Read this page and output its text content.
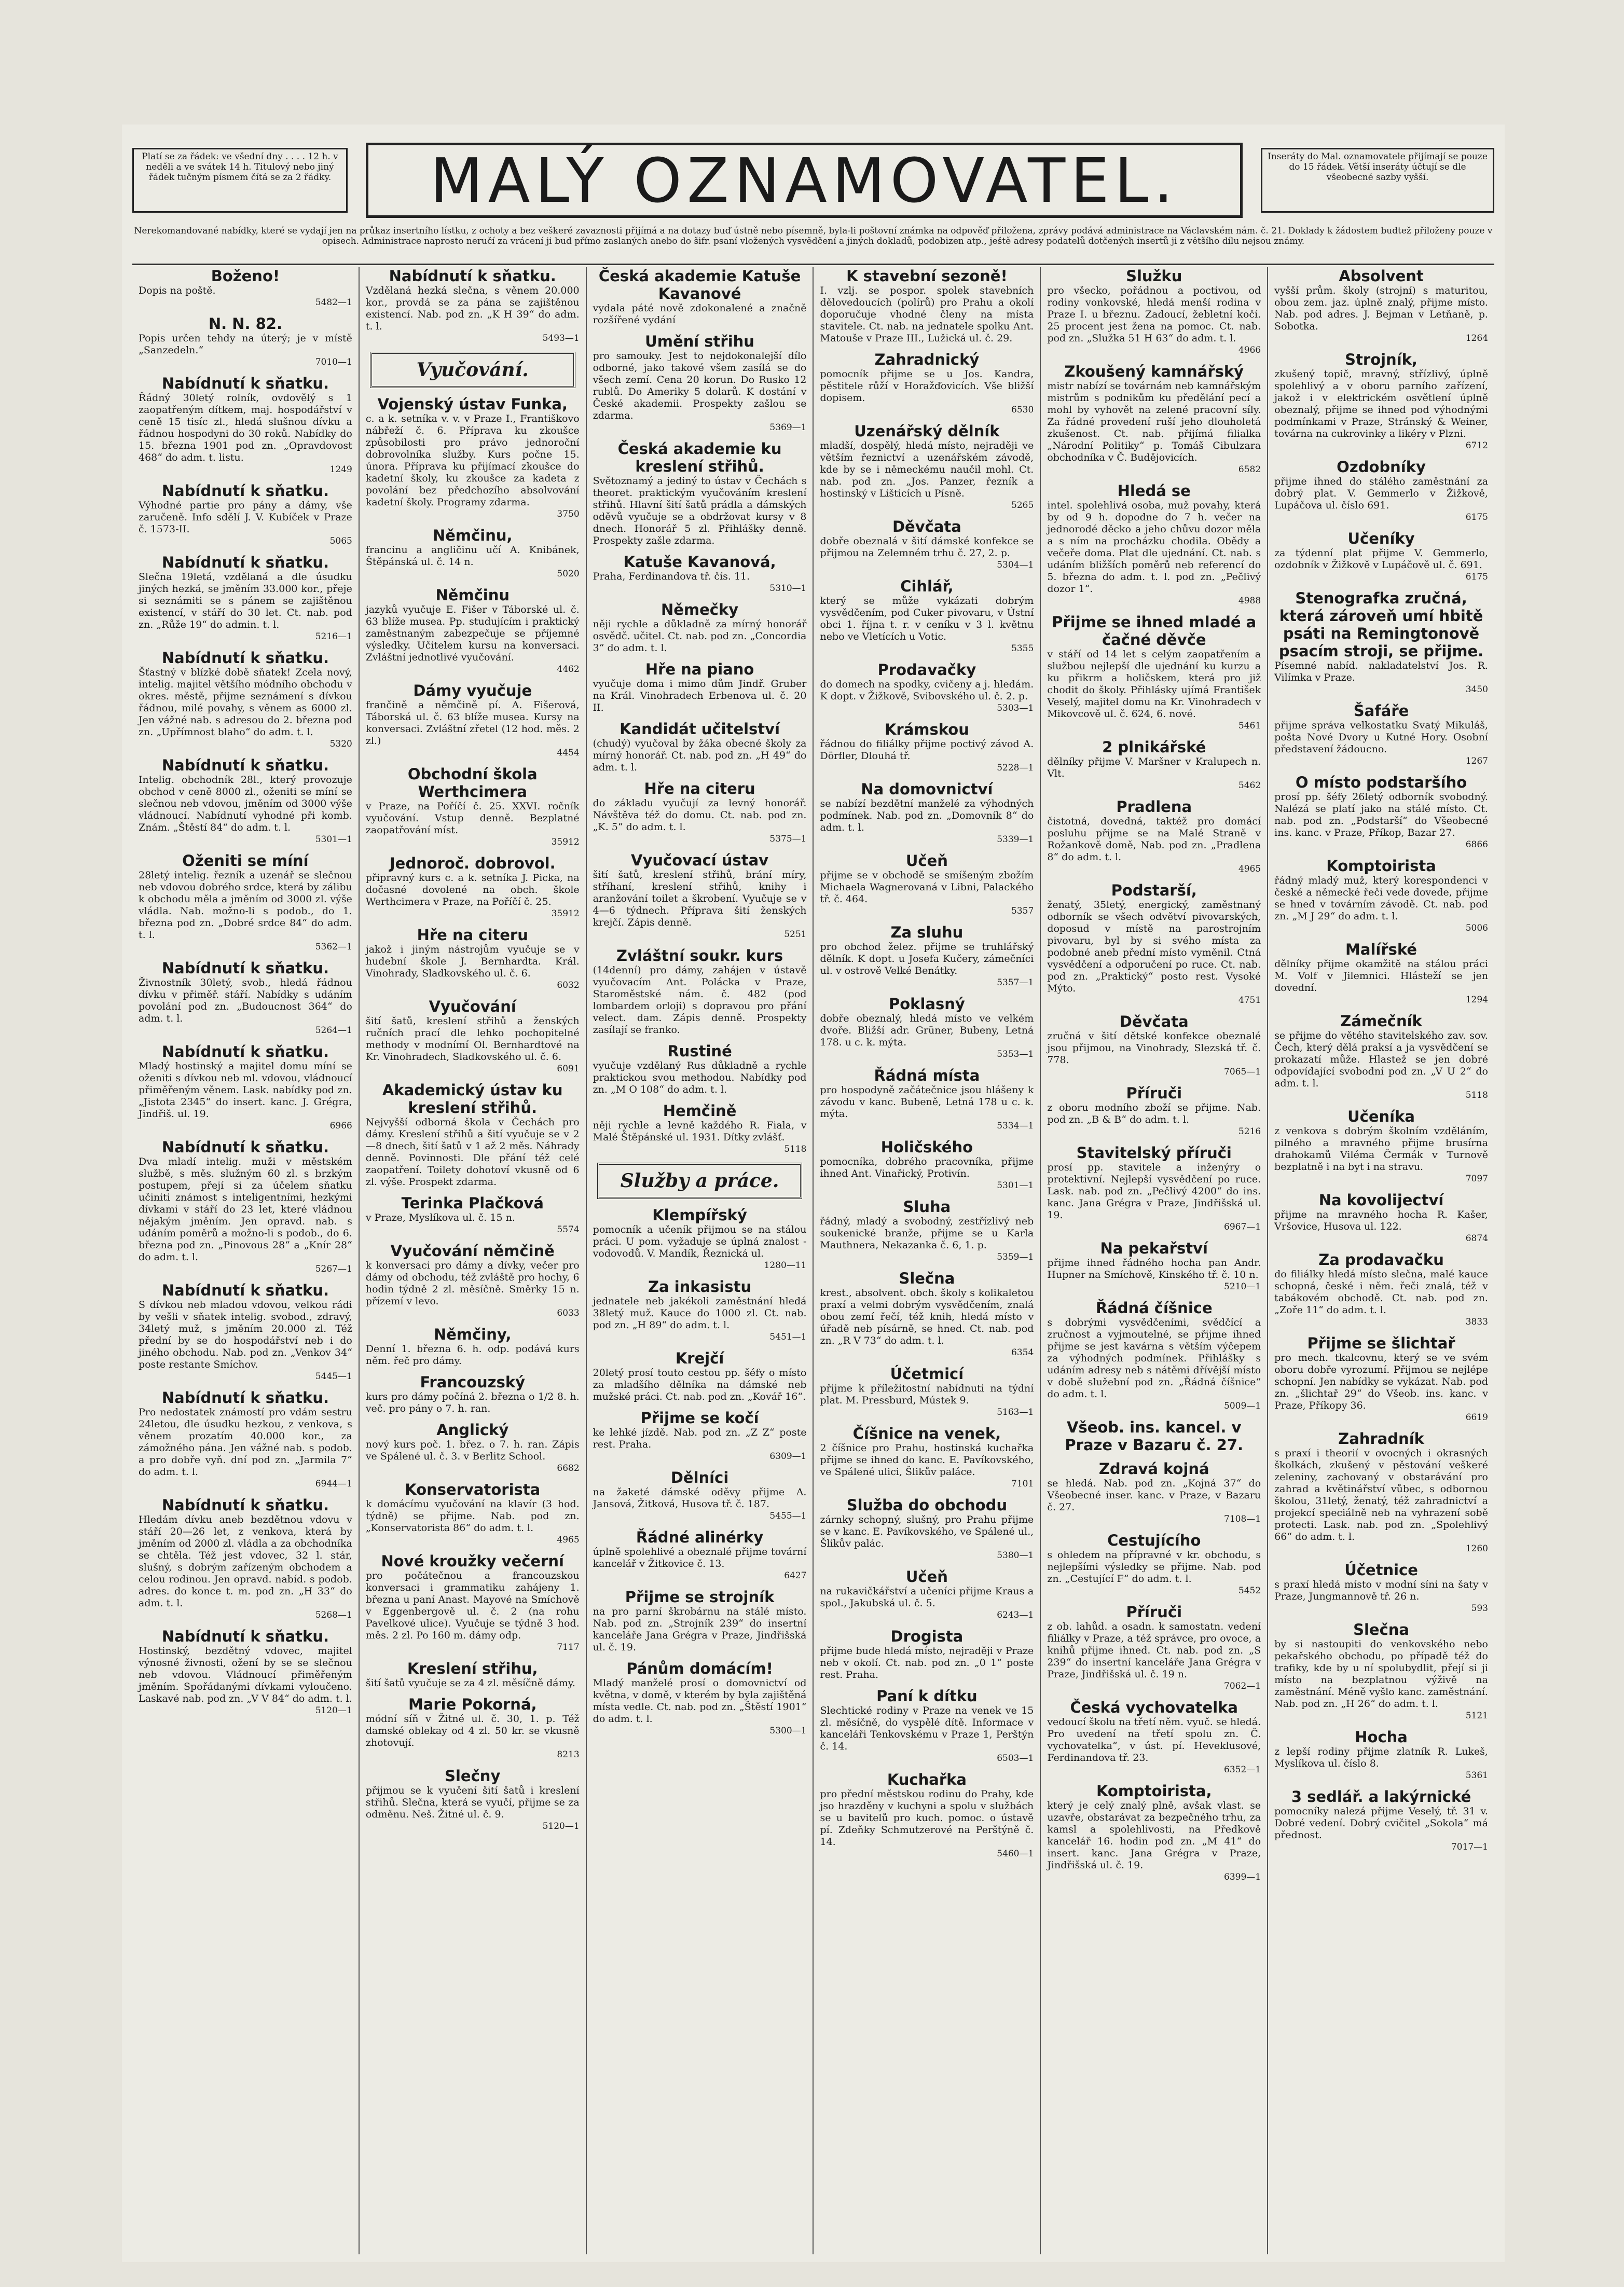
Platí se za řádek: ve všední dny . . . . 12 h. v neděli a ve svátek 14 h. Titulový nebo jiný řádek tučným písmem čítá se za 2 řádky. MALÝ OZNAMOVATEL.	Inseráty do Mal. oznamovatele přijímají se pouze do 15 řádek. Větší inseráty účtují se dle všeobecné sazby vyšší.
Nerekomandované nabídky, které se vydají jen na průkaz insertního lístku, z ochoty a bez veškeré zavaznosti přijímá a na dotazy buď ústně nebo písemně, byla-li poštovní známka na odpověď přiložena, zprávy podává administrace na Václavském nám. č. 21. Doklady k žádostem budtež přiloženy pouze v opisech. Administrace naprosto neručí za vrácení ji bud přímo zaslaných anebo do šifr. psaní vložených vysvědčení a jiných dokladů, podobizen atp., ještě adresy podatelů dotčených insertů ji z většího dílu nejsou známy.
Boženo!

Dopis na poště.

5482—1

N. N. 82.

Popis určen tehdy na úterý; je v místě „Sanzedeln.“

7010—1

Nabídnutí k sňatku.

Řádný 30letý rolník, ovdovělý s 1 zaopatřeným dítkem, maj. hospodářství v ceně 15 tisíc zl., hledá slušnou dívku a řádnou hospodyni do 30 roků. Nabídky do 15. března 1901 pod zn. „Opravdovost 468“ do adm. t. listu.

1249

Nabídnutí k sňatku.

Výhodné partie pro pány a dámy, vše zaručeně. Info sdělí J. V. Kubíček v Praze č. 1573-II.

5065

Nabídnutí k sňatku.

Slečna 19letá, vzdělaná a dle úsudku jiných hezká, se jměním 33.000 kor., přeje si seznámiti se s pánem se zajištěnou existencí, v stáří do 30 let. Ct. nab. pod zn. „Růže 19“ do admin. t. l.

5216—1

Nabídnutí k sňatku.

Šťastný v blízké době sňatek! Zcela nový, intelig. majitel většího módního obchodu v okres. městě, přijme seznámení s dívkou řádnou, milé povahy, s věnem as 6000 zl. Jen vážné nab. s adresou do 2. března pod zn. „Upřímnost blaho“ do adm. t. l.

5320

Nabídnutí k sňatku.

Intelig. obchodník 28l., který provozuje obchod v ceně 8000 zl., oženiti se míní se slečnou neb vdovou, jměním od 3000 výše vládnoucí. Nabídnutí vyhodné při komb. Znám. „Štěstí 84“ do adm. t. l.

5301—1

Oženiti se míní

28letý intelig. řezník a uzenář se slečnou neb vdovou dobrého srdce, která by zálibu k obchodu měla a jměním od 3000 zl. výše vládla. Nab. možno-li s podob., do 1. března pod zn. „Dobré srdce 84“ do adm. t. l.

5362—1

Nabídnutí k sňatku.

Živnostník 30letý, svob., hledá řádnou dívku v přiměř. stáří. Nabídky s udáním povolání pod zn. „Budoucnost 364“ do adm. t. l.

5264—1

Nabídnutí k sňatku.

Mladý hostinský a majitel domu míní se oženiti s dívkou neb ml. vdovou, vládnoucí přiměřeným věnem. Lask. nabídky pod zn. „Jistota 2345“ do insert. kanc. J. Grégra, Jindřiš. ul. 19.

6966

Nabídnutí k sňatku.

Dva mladí intelig. muži v městském službě, s měs. služným 60 zl. s brzkým postupem, přejí si za účelem sňatku učiniti známost s inteligentními, hezkými dívkami v stáří do 23 let, které vládnou nějakým jměním. Jen opravd. nab. s udáním poměrů a možno-li s podob., do 6. března pod zn. „Pinovous 28“ a „Knír 28“ do adm. t. l.

5267—1

Nabídnutí k sňatku.

S dívkou neb mladou vdovou, velkou rádi by vešli v sňatek intelig. svobod., zdravý, 34letý muž, s jměním 20.000 zl. Též přední by se do hospodářství neb i do jiného obchodu. Nab. pod zn. „Venkov 34“ poste restante Smíchov.

5445—1

Nabídnutí k sňatku.

Pro nedostatek známostí pro vdám sestru 24letou, dle úsudku hezkou, z venkova, s věnem prozatím 40.000 kor., za zámožného pána. Jen vážné nab. s podob. a pro dobře vyň. dní pod zn. „Jarmila 7“ do adm. t. l.

6944—1

Nabídnutí k sňatku.

Hledám dívku aneb bezdětnou vdovu v stáří 20—26 let, z venkova, která by jměním od 2000 zl. vládla a za obchodníka se chtěla. Též jest vdovec, 32 l. stár, slušný, s dobrým zařízeným obchodem a celou rodinou. Jen opravd. nabíd. s podob. adres. do konce t. m. pod zn. „H 33“ do adm. t. l.

5268—1

Nabídnutí k sňatku.

Hostinský, bezdětný vdovec, majitel výnosné živnosti, ožení by se se slečnou neb vdovou. Vládnoucí přiměřeným jměním. Spořádanými dívkami vyloučeno. Laskavé nab. pod zn. „V V 84“ do adm. t. l.

5120—1

Nabídnutí k sňatku.

Vzdělaná hezká slečna, s věnem 20.000 kor., provdá se za pána se zajištěnou existencí. Nab. pod zn. „K H 39“ do adm. t. l.

5493—1

Vyučování.
Vojenský ústav Funka,

c. a k. setníka v. v. v Praze I., Františkovo nábřeží č. 6. Příprava ku zkoušce způsobilosti pro právo jednoroční dobrovolníka služby. Kurs počne 15. února. Příprava ku přijímací zkoušce do kadetní školy, ku zkoušce za kadeta z povolání bez předchozího absolvování kadetní školy. Programy zdarma.

3750

Němčinu,

francinu a angličinu učí A. Knibánek, Štěpánská ul. č. 14 n.

5020

Němčinu

jazyků vyučuje E. Fišer v Táborské ul. č. 63 blíže musea. Pp. studujícím i praktický zaměstnaným zabezpečuje se příjemné výsledky. Učitelem kursu na konversaci. Zvláštní jednotlivé vyučování.

4462

Dámy vyučuje

frančině a němčině pí. A. Fišerová, Táborská ul. č. 63 blíže musea. Kursy na konversaci. Zvláštní zřetel (12 hod. měs. 2 zl.)

4454

Obchodní škola Werthcimera

v Praze, na Poříčí č. 25. XXVI. ročník vyučování. Vstup denně. Bezplatné zaopatřování míst.

35912

Jednoroč. dobrovol.

připravný kurs c. a k. setníka J. Picka, na dočasné dovolené na obch. škole Werthcimera v Praze, na Poříčí č. 25.

35912

Hře na citeru

jakož i jiným nástrojům vyučuje se v hudební škole J. Bernhardta. Král. Vinohrady, Sladkovského ul. č. 6.

6032

Vyučování

šití šatů, kreslení střihů a ženských ručních prací dle lehko pochopitelné methody v modnímí Ol. Bernhardtové na Kr. Vinohradech, Sladkovského ul. č. 6.

6091

Akademický ústav ku kreslení střihů.

Nejvyšší odborná škola v Čechách pro dámy. Kreslení střihů a šití vyučuje se v 2—8 dnech, šití šatů v 1 až 2 měs. Náhrady denně. Povinnosti. Dle přání též celé zaopatření. Toilety dohotoví vkusně od 6 zl. výše. Prospekt zdarma.

Terinka Plačková

v Praze, Myslíkova ul. č. 15 n.

5574

Vyučování němčině

k konversaci pro dámy a dívky, večer pro dámy od obchodu, též zvláště pro hochy, 6 hodin týdně 2 zl. měsíčně. Směrky 15 n. přízemí v levo.

6033

Němčiny,

Denní 1. března 6. h. odp. podává kurs něm. řeč pro dámy.

Francouzský

kurs pro dámy počíná 2. března o 1/2 8. h. več. pro pány o 7. h. ran.

Anglický

nový kurs poč. 1. břez. o 7. h. ran. Zápis ve Spálené ul. č. 3. v Berlitz School.

6682

Konservatorista

k domácímu vyučování na klavír (3 hod. týdně) se přijme. Nab. pod zn. „Konservatorista 86“ do adm. t. l.

4965

Nové kroužky večerní

pro počátečnou a francouzskou konversaci i grammatiku zahájeny 1. března u paní Anast. Mayové na Smíchově v Eggenbergově ul. č. 2 (na rohu Pavelkové ulice). Vyučuje se týdně 3 hod. měs. 2 zl. Po 160 m. dámy odp.

7117

Kreslení střihu,

šití šatů vyučuje se za 4 zl. měsíčně dámy.

Marie Pokorná,

módní síň v Žitné ul. č. 30, 1. p. Též damské oblekay od 4 zl. 50 kr. se vkusně zhotovují.

8213

Slečny

přijmou se k vyučení šití šatů i kreslení střihů. Slečna, která se vyučí, přijme se za odměnu. Neš. Žitné ul. č. 9.

5120—1

Česká akademie Katuše Kavanové

vydala páté nově zdokonalené a značně rozšířené vydání

Umění střihu

pro samouky. Jest to nejdokonalejší dílo odborné, jako takové všem zasílá se do všech zemí. Cena 20 korun. Do Rusko 12 rublů. Do Ameriky 5 dolarů. K dostání v České akademii. Prospekty zašlou se zdarma.

5369—1

Česká akademie ku kreslení střihů.

Světoznamý a jediný to ústav v Čechách s theoret. praktickým vyučováním kreslení střihů. Hlavní šití šatů prádla a dámských oděvů vyučuje se a obdržovat kursy v 8 dnech. Honorář 5 zl. Přihlášky denně. Prospekty zašle zdarma.

Katuše Kavanová,

Praha, Ferdinandova tř. čís. 11.

5310—1

Němečky

něji rychle a důkladně za mírný honorář osvědč. učitel. Ct. nab. pod zn. „Concordia 3“ do adm. t. l.

Hře na piano

vyučuje doma i mimo dům Jindř. Gruber na Král. Vinohradech Erbenova ul. č. 20 II.

Kandidát učitelství

(chudý) vyučoval by žáka obecné školy za mírný honorář. Ct. nab. pod zn. „H 49“ do adm. t. l.

Hře na citeru

do základu vyučují za levný honorář. Návštěva též do domu. Ct. nab. pod zn. „K. 5“ do adm. t. l.

5375—1

Vyučovací ústav

šití šatů, kreslení střihů, brání míry, stříhaní, kreslení střihů, knihy i aranžování toilet a škrobení. Vyučuje se v 4—6 týdnech. Příprava šití ženských krejčí. Zápis denně.

5251

Zvláštní soukr. kurs

(14denní) pro dámy, zahájen v ústavě vyučovacím Ant. Polácka v Praze, Staroměstské nám. č. 482 (pod lombardem orloji) s dopravou pro přání velect. dam. Zápis denně. Prospekty zasílají se franko.

Rustiné

vyučuje vzdělaný Rus důkladně a rychle praktickou svou methodou. Nabídky pod zn. „M O 108“ do adm. t. l.

Hemčině

něji rychle a levně každého R. Fiala, v Malé Štěpánské ul. 1931. Dítky zvlášť.

5118

Služby a práce.
Klempířský

pomocník a učeník přijmou se na stálou práci. U pom. vyžaduje se úplná znalost -vodovodů. V. Mandík, Řeznická ul.

1280—11

Za inkasistu

jednatele neb jakékoli zaměstnání hledá 38letý muž. Kauce do 1000 zl. Ct. nab. pod zn. „H 89“ do adm. t. l.

5451—1

Krejčí

20letý prosí touto cestou pp. šéfy o místo za mladšího dělníka na dámské neb mužské práci. Ct. nab. pod zn. „Kovář 16“.

Přijme se kočí

ke lehké jízdě. Nab. pod zn. „Z Z“ poste rest. Praha.

6309—1

Dělníci

na žaketé dámské oděvy přijme A. Jansová, Žitková, Husova tř. č. 187.

5455—1

Řádné alinérky

úplně spolehlivé a obeznalé přijme tovární kancelář v Žitkovice č. 13.

6427

Přijme se strojník

na pro parní škrobárnu na stálé místo. Nab. pod zn. „Strojník 239“ do insertní kanceláře Jana Grégra v Praze, Jindřišská ul. č. 19.

Pánům domácím!

Mladý manželé prosí o domovnictví od května, v domě, v kterém by byla zajištěná místa vedle. Ct. nab. pod zn. „Štěstí 1901“ do adm. t. l.

5300—1

K stavební sezoně!

I. vzlj. se pospor. spolek stavebních dělovedoucích (polírů) pro Prahu a okolí doporučuje vhodné členy na místa stavitele. Ct. nab. na jednatele spolku Ant. Matouše v Praze III., Lužická ul. č. 29.

Zahradnický

pomocník přijme se u Jos. Kandra, pěstitele růží v Horažďovicích. Vše bližší dopisem.

6530

Uzenářský dělník

mladší, dospělý, hledá místo, nejraději ve větším řeznictví a uzenářském závodě, kde by se i německému naučil mohl. Ct. nab. pod zn. „Jos. Panzer, řezník a hostinský v Lišticích u Písně.

5265

Děvčata

dobře obeznalá v šití dámské konfekce se přijmou na Zelemném trhu č. 27, 2. p.

5304—1

Cihlář,

který se může vykázati dobrým vysvědčením, pod Cuker pivovaru, v Ústní obci 1. října t. r. v ceníku v 3 l. květnu nebo ve Vletících u Votic.

5355

Prodavačky

do domech na spodky, cvičeny a j. hledám. K dopt. v Žižkově, Svibovského ul. č. 2. p.

5303—1

Krámskou

řádnou do filiálky přijme poctivý závod A. Dörfler, Dlouhá tř.

5228—1

Na domovnictví

se nabízí bezdětní manželé za výhodných podmínek. Nab. pod zn. „Domovník 8“ do adm. t. l.

5339—1

Učeň

přijme se v obchodě se smíšeným zbožím Michaela Wagnerovaná v Libni, Palackého tř. č. 464.

5357

Za sluhu

pro obchod želez. přijme se truhlářský dělník. K dopt. u Josefa Kučery, zámečníci ul. v ostrově Velké Benátky.

5357—1

Poklasný

dobře obeznalý, hledá místo ve velkém dvoře. Bližší adr. Grüner, Bubeny, Letná 178. u c. k. mýta.

5353—1

Řádná místa

pro hospodyně začátečnice jsou hlášeny k závodu v kanc. Bubeně, Letná 178 u c. k. mýta.

5334—1

Holičského

pomocníka, dobrého pracovníka, přijme ihned Ant. Vinařický, Protivín.

5301—1

Sluha

řádný, mladý a svobodný, zestřízlivý neb soukenické branže, přijme se u Karla Mauthnera, Nekazanka č. 6, 1. p.

5359—1

Slečna

krest., absolvent. obch. školy s kolikaletou praxí a velmi dobrým vysvědčením, znalá obou zemí řečí, též knih, hledá místo v úřadě neb písárně, se hned. Ct. nab. pod zn. „R V 73“ do adm. t. l.

6354

Účetmicí

přijme k příležitostní nabídnuti na týdní plat. M. Pressburd, Mústek 9.

5163—1

Číšnice na venek,

2 číšnice pro Prahu, hostinská kuchařka přijme se ihned do kanc. E. Pavíkovského, ve Spálené ulici, Šlikův paláce.

7101

Služba do obchodu

zárnky schopný, slušný, pro Prahu přijme se v kanc. E. Pavíkovského, ve Spálené ul., Šlikův palác.

5380—1

Učeň

na rukavičkářství a učeníci přijme Kraus a spol., Jakubská ul. č. 5.

6243—1

Drogista

přijme bude hledá místo, nejraději v Praze neb v okolí. Ct. nab. pod zn. „0 1“ poste rest. Praha.

Paní k dítku

Slechtické rodiny v Praze na venek ve 15 zl. měsíčně, do vyspělé dítě. Informace v kanceláři Tenkovskému v Praze 1, Perštýn č. 14.

6503—1

Kuchařka

pro přední městskou rodinu do Prahy, kde jso hrazděny v kuchyni a spolu v službách se u bavitelů pro kuch. pomoc. o ústavě pí. Zdeňky Schmutzerové na Perštýně č. 14.

5460—1

Služku

pro všecko, pořádnou a poctivou, od rodiny vonkovské, hledá menší rodina v Praze I. u březnu. Zadoucí, žebletní kočí. 25 procent jest žena na pomoc. Ct. nab. pod zn. „Služka 51 H 63“ do adm. t. l.

4966

Zkoušený kamnářský

mistr nabízí se továrnám neb kamnářským mistrům s podnikům ku předělání pecí a mohl by vyhovět na zelené pracovní síly. Za řádné provedení ruší jeho dlouholetá zkušenost. Ct. nab. přijímá filialka „Národní Politiky“ p. Tomáš Cibulzara obchodníka v Č. Budějovicích.

6582

Hledá se

intel. spolehlivá osoba, muž povahy, která by od 9 h. dopodne do 7 h. večer na jednorodé děcko a jeho chůvu dozor měla a s ním na procházku chodila. Obědy a večeře doma. Plat dle ujednání. Ct. nab. s udáním bližších poměrů neb referencí do 5. března do adm. t. l. pod zn. „Pečlivý dozor 1“.

4988

Přijme se ihned mladé a čačné děvče

v stáří od 14 let s celým zaopatřením a službou nejlepší dle ujednání ku kurzu a ku přikrm a holičskem, která pro již chodit do školy. Přihlásky ujímá František Veselý, majitel domu na Kr. Vinohradech v Mikovcově ul. č. 624, 6. nové.

5461

2 plnikářské

dělníky přijme V. Maršner v Kralupech n. Vlt.

5462

Pradlena

čistotná, dovedná, taktéž pro domácí posluhu přijme se na Malé Straně v Rožankově domě, Nab. pod zn. „Pradlena 8“ do adm. t. l.

4965

Podstarší,

ženatý, 35letý, energický, zaměstnaný odborník se všech odvětví pivovarských, doposud v místě na parostrojním pivovaru, byl by si svého místa za podobné aneb přední místo vyměnil. Ctná vysvědčení a odporučení po ruce. Ct. nab. pod zn. „Praktický“ posto rest. Vysoké Mýto.

4751

Děvčata

zručná v šití dětské konfekce obeznalé jsou přijmou, na Vinohrady, Slezská tř. č. 778.

7065—1

Příruči

z oboru modního zboží se přijme. Nab. pod zn. „B & B“ do adm. t. l.

5216

Stavitelský příruči

prosí pp. stavitele a inženýry o protektivní. Nejlepší vysvědčení po ruce. Lask. nab. pod zn. „Pečlivý 4200“ do ins. kanc. Jana Grégra v Praze, Jindřišská ul. 19.

6967—1

Na pekařství

přijme ihned řádného hocha pan Andr. Hupner na Smíchově, Kinského tř. č. 10 n.

5210—1

Řádná číšnice

s dobrými vysvědčeními, svědčící a zručnost a vyjmoutelné, se přijme ihned přijme se jest kavárna s větším výčepem za výhodných podmínek. Přihlášky s udáním adresy neb s nátěmi dřívější místo v době služební pod zn. „Řádná číšnice“ do adm. t. l.

5009—1

Všeob. ins. kancel. v Praze v Bazaru č. 27.
Zdravá kojná

se hledá. Nab. pod zn. „Kojná 37“ do Všeobecné inser. kanc. v Praze, v Bazaru č. 27.

7108—1

Cestujícího

s ohledem na přípravné v kr. obchodu, s nejlepšími výsledky se přijme. Nab. pod zn. „Cestující F“ do adm. t. l.

5452

Příruči

z ob. lahůd. a osadn. k samostatn. vedení filiálky v Praze, a též správce, pro ovoce, a knihů přijme ihned. Ct. nab. pod zn. „S 239“ do insertní kanceláře Jana Grégra v Praze, Jindřišská ul. č. 19 n.

7062—1

Česká vychovatelka

vedoucí školu na třetí něm. vyuč. se hledá. Pro uvedení na třetí spolu zn. Č. vychovatelka“, v úst. pí. Heveklusové, Ferdinandova tř. 23.

6352—1

Komptoirista,

který je celý znalý plně, avšak vlast. se uzavře, obstarávat za bezpečného trhu, za kamsl a spolehlivosti, na Předkově kancelář 16. hodin pod zn. „M 41“ do insert. kanc. Jana Grégra v Praze, Jindřišská ul. č. 19.

6399—1

Absolvent

vyšší prům. školy (strojní) s maturitou, obou zem. jaz. úplně znalý, přijme místo. Nab. pod adres. J. Bejman v Letňaně, p. Sobotka.

1264

Strojník,

zkušený topič, mravný, střízlivý, úplně spolehlivý a v oboru parního zařízení, jakož i v elektrickém osvětlení úplně obeznalý, přijme se ihned pod výhodnými podmínkami v Praze, Stránský & Weiner, továrna na cukrovinky a likéry v Plzni.

6712

Ozdobníky

přijme ihned do stálého zaměstnání za dobrý plat. V. Gemmerlo v Žižkově, Lupáčova ul. číslo 691.

6175

Učeníky

za týdenní plat přijme V. Gemmerlo, ozdobník v Žižkově v Lupáčově ul. č. 691.

6175

Stenografka zručná, která zároveň umí hbitě psáti na Remingtonově psacím stroji, se přijme.

Písemné nabíd. nakladatelství Jos. R. Vilímka v Praze.

3450

Šafáře

přijme správa velkostatku Svatý Mikuláš, pošta Nové Dvory u Kutné Hory. Osobní představení žádoucno.

1267

O místo podstaršího

prosí pp. šéfy 26letý odborník svobodný. Nalézá se platí jako na stálé místo. Ct. nab. pod zn. „Podstarší“ do Všeobecné ins. kanc. v Praze, Příkop, Bazar 27.

6866

Komptoirista

řádný mladý muž, který korespondenci v české a německé řeči vede dovede, přijme se hned v továrním závodě. Ct. nab. pod zn. „M J 29“ do adm. t. l.

5006

Malířské

dělníky přijme okamžitě na stálou práci M. Volf v Jilemnici. Hlásteží se jen dovední.

1294

Zámečník

se přijme do větého stavitelského zav. sov. Čech, který dělá praksí a ja vysvědčení se prokazatí může. Hlastež se jen dobré odpovídající svobodní pod zn. „V U 2“ do adm. t. l.

5118

Učeníka

z venkova s dobrým školním vzděláním, pilného a mravného přijme brusírna drahokamů Viléma Čermák v Turnově bezplatně i na byt i na stravu.

7097

Na kovolijectví

přijme na mravného hocha R. Kašer, Vršovice, Husova ul. 122.

6874

Za prodavačku

do filiálky hledá místo slečna, malé kauce schopná, české i něm. řeči znalá, též v tabákovém obchodě. Ct. nab. pod zn. „Zoře 11“ do adm. t. l.

3833

Přijme se šlichtař

pro mech. tkalcovnu, který se ve svém oboru dobře vyrozumí. Přijmou se nejlépe schopní. Jen nabídky se vykázat. Nab. pod zn. „šlichtař 29“ do Všeob. ins. kanc. v Praze, Příkopy 36.

6619

Zahradník

s praxí i theorií v ovocných i okrasných školkách, zkušený v pěstování veškeré zeleniny, zachovaný v obstarávání pro zahrad a květinářství vůbec, s odbornou školou, 31letý, ženatý, též zahradnictví a projekcí speciálně neb na vyhrazení sobě protecti. Lask. nab. pod zn. „Spolehlivý 66“ do adm. t. l.

1260

Účetnice

s praxí hledá místo v modní síni na šaty v Praze, Jungmannově tř. 26 n.

593

Slečna

by si nastoupiti do venkovského nebo pekařského obchodu, po případě též do trafiky, kde by u ní spolubydlit, přejí si ji místo na bezplatnou výživě na zaměstnání. Méně vyšlo kanc. zaměstnání. Nab. pod zn. „H 26“ do adm. t. l.

5121

Hocha

z lepší rodiny přijme zlatník R. Lukeš, Myslíkova ul. číslo 8.

5361

3 sedlář. a lakýrnické

pomocníky nalezá přijme Veselý, tř. 31 v. Dobré vedení. Dobrý cvičitel „Sokola“ má přednost.

7017—1
